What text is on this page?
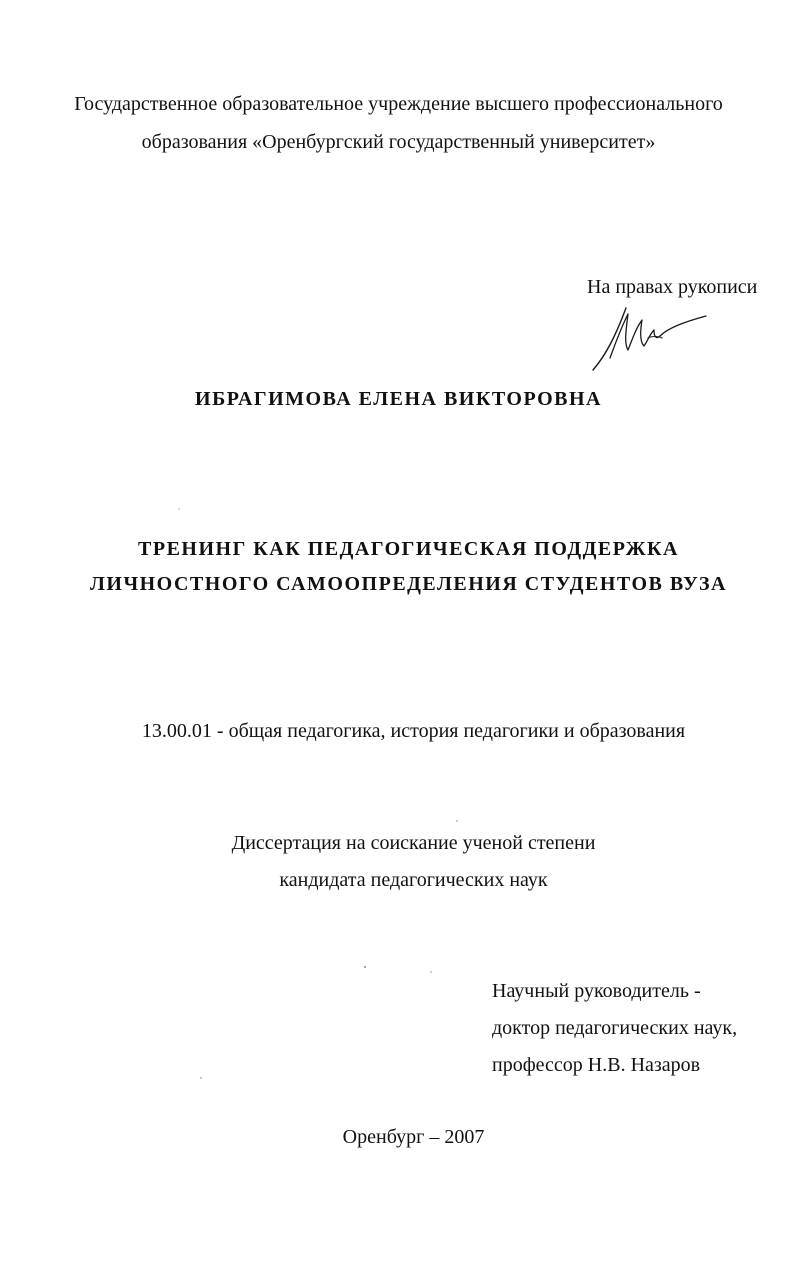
Государственное образовательное учреждение высшего профессионального
образования «Оренбургский государственный университет»
На правах рукописи
ИБРАГИМОВА ЕЛЕНА ВИКТОРОВНА
ТРЕНИНГ КАК ПЕДАГОГИЧЕСКАЯ ПОДДЕРЖКА
ЛИЧНОСТНОГО САМООПРЕДЕЛЕНИЯ СТУДЕНТОВ ВУЗА
13.00.01 - общая педагогика, история педагогики и образования
Диссертация на соискание ученой степени
кандидата педагогических наук
Научный руководитель -
доктор педагогических наук,
профессор Н.В. Назаров
Оренбург – 2007
